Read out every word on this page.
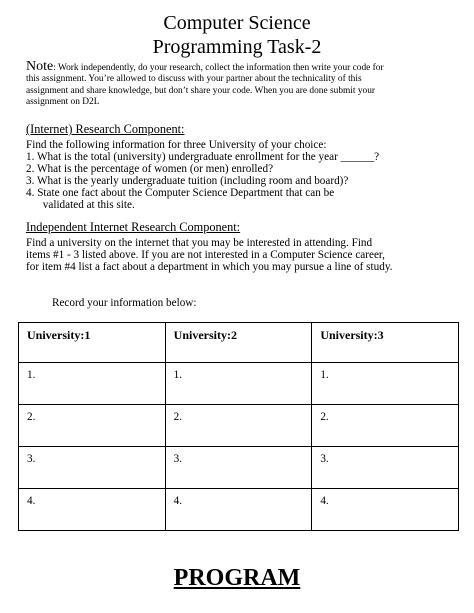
Computer Science
Programming Task-2
Note: Work independently, do your research, collect the information then write your code for
this assignment. You’re allowed to discuss with your partner about the technicality of this
assignment and share knowledge, but don’t share your code. When you are done submit your
assignment on D2L
(Internet) Research Component:
Find the following information for three University of your choice:
1. What is the total (university) undergraduate enrollment for the year ______?
2. What is the percentage of women (or men) enrolled?
3. What is the yearly undergraduate tuition (including room and board)?
4. State one fact about the Computer Science Department that can be
validated at this site.
Independent Internet Research Component:
Find a university on the internet that you may be interested in attending. Find
items #1 - 3 listed above. If you are not interested in a Computer Science career,
for item #4 list a fact about a department in which you may pursue a line of study.
Record your information below:
University:1	University:2	University:3
1.	1.	1.
2.	2.	2.
3.	3.	3.
4.	4.	4.
PROGRAM
